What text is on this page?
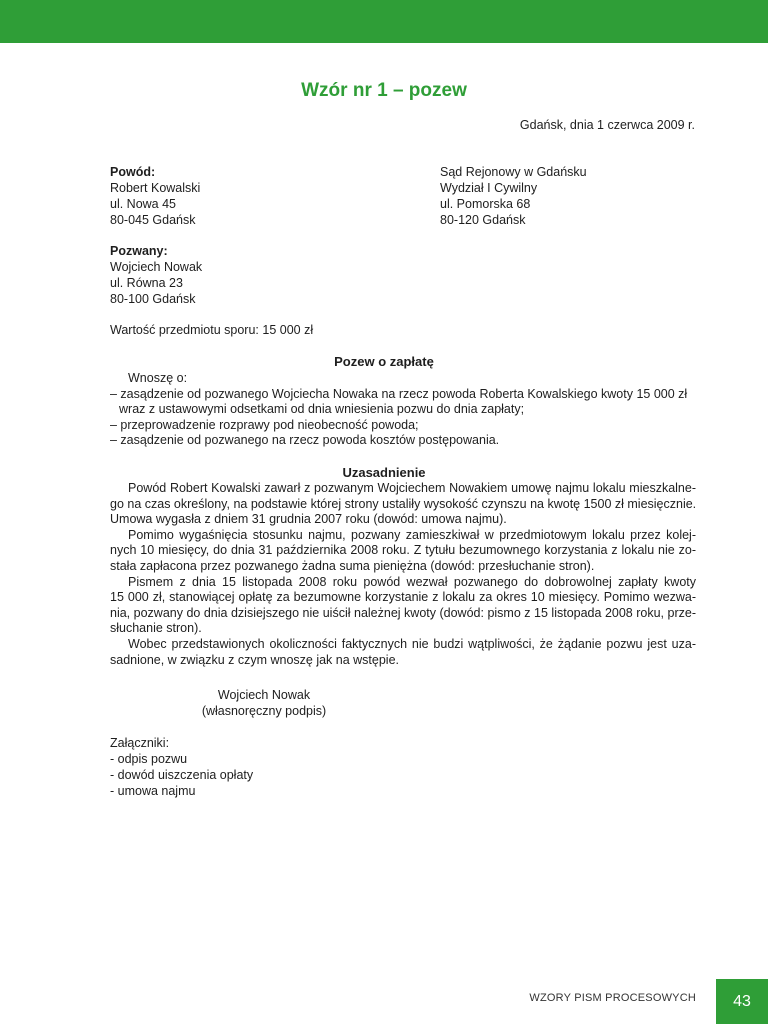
Wzór nr 1 – pozew
Gdańsk, dnia 1 czerwca 2009 r.
Powód:
Robert Kowalski
ul. Nowa 45
80-045 Gdańsk
Sąd Rejonowy w Gdańsku
Wydział I Cywilny
ul. Pomorska 68
80-120 Gdańsk
Pozwany:
Wojciech Nowak
ul. Równa 23
80-100 Gdańsk
Wartość przedmiotu sporu: 15 000 zł
Pozew o zapłatę
Wnoszę o:
– zasądzenie od pozwanego Wojciecha Nowaka na rzecz powoda Roberta Kowalskiego kwoty 15 000 zł
wraz z ustawowymi odsetkami od dnia wniesienia pozwu do dnia zapłaty;
– przeprowadzenie rozprawy pod nieobecność powoda;
– zasądzenie od pozwanego na rzecz powoda kosztów postępowania.
Uzasadnienie
Powód Robert Kowalski zawarł z pozwanym Wojciechem Nowakiem umowę najmu lokalu mieszkalne-
go na czas określony, na podstawie której strony ustaliły wysokość czynszu na kwotę 1500 zł miesięcznie.
Umowa wygasła z dniem 31 grudnia 2007 roku (dowód: umowa najmu).
Pomimo wygaśnięcia stosunku najmu, pozwany zamieszkiwał w przedmiotowym lokalu przez kolej-
nych 10 miesięcy, do dnia 31 października 2008 roku. Z tytułu bezumownego korzystania z lokalu nie zo-
stała zapłacona przez pozwanego żadna suma pieniężna (dowód: przesłuchanie stron).
Pismem z dnia 15 listopada 2008 roku powód wezwał pozwanego do dobrowolnej zapłaty kwoty
15 000 zł, stanowiącej opłatę za bezumowne korzystanie z lokalu za okres 10 miesięcy. Pomimo wezwa-
nia, pozwany do dnia dzisiejszego nie uiścił należnej kwoty (dowód: pismo z 15 listopada 2008 roku, prze-
słuchanie stron).
Wobec przedstawionych okoliczności faktycznych nie budzi wątpliwości, że żądanie pozwu jest uza-
sadnione, w związku z czym wnoszę jak na wstępie.
Wojciech Nowak
(własnoręczny podpis)
Załączniki:
- odpis pozwu
- dowód uiszczenia opłaty
- umowa najmu
WZORY PISM PROCESOWYCH	43
